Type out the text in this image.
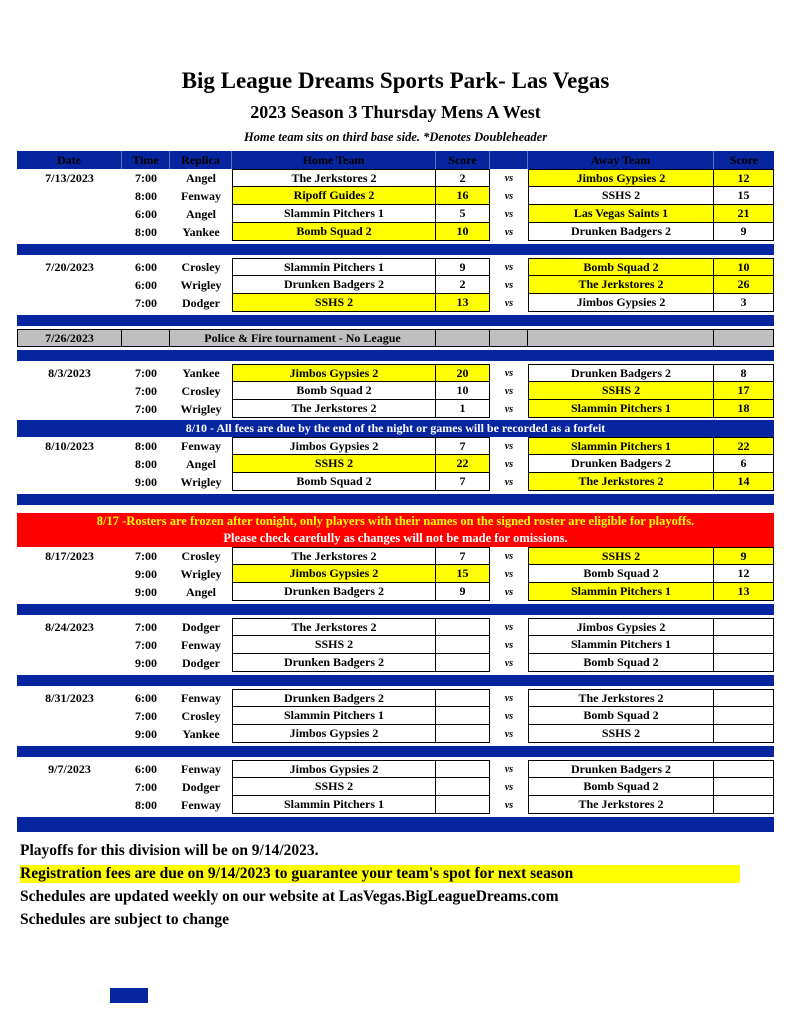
Big League Dreams Sports Park- Las Vegas
2023 Season 3 Thursday Mens A West
Home team sits on third base side. *Denotes Doubleheader
Date	Time	Replica	Home Team	Score	Away Team	Score
7/13/2023	7:00	Angel	The Jerkstores 2	2	vs	Jimbos Gypsies 2	12
8:00	Fenway	Ripoff Guides 2	16	vs	SSHS 2	15
6:00	Angel	Slammin Pitchers 1	5	vs	Las Vegas Saints 1	21
8:00	Yankee	Bomb Squad 2	10	vs	Drunken Badgers 2	9
7/20/2023	6:00	Crosley	Slammin Pitchers 1	9	vs	Bomb Squad 2	10
6:00	Wrigley	Drunken Badgers 2	2	vs	The Jerkstores 2	26
7:00	Dodger	SSHS 2	13	vs	Jimbos Gypsies 2	3
7/26/2023	Police & Fire tournament - No League
8/3/2023	7:00	Yankee	Jimbos Gypsies 2	20	vs	Drunken Badgers 2	8
7:00	Crosley	Bomb Squad 2	10	vs	SSHS 2	17
7:00	Wrigley	The Jerkstores 2	1	vs	Slammin Pitchers 1	18
8/10 - All fees are due by the end of the night or games will be recorded as a forfeit
8/10/2023	8:00	Fenway	Jimbos Gypsies 2	7	vs	Slammin Pitchers 1	22
8:00	Angel	SSHS 2	22	vs	Drunken Badgers 2	6
9:00	Wrigley	Bomb Squad 2	7	vs	The Jerkstores 2	14
8/17 -Rosters are frozen after tonight, only players with their names on the signed roster are eligible for playoffs.
Please check carefully as changes will not be made for omissions.
8/17/2023	7:00	Crosley	The Jerkstores 2	7	vs	SSHS 2	9
9:00	Wrigley	Jimbos Gypsies 2	15	vs	Bomb Squad 2	12
9:00	Angel	Drunken Badgers 2	9	vs	Slammin Pitchers 1	13
8/24/2023	7:00	Dodger	The Jerkstores 2	vs	Jimbos Gypsies 2
7:00	Fenway	SSHS 2	vs	Slammin Pitchers 1
9:00	Dodger	Drunken Badgers 2	vs	Bomb Squad 2
8/31/2023	6:00	Fenway	Drunken Badgers 2	vs	The Jerkstores 2
7:00	Crosley	Slammin Pitchers 1	vs	Bomb Squad 2
9:00	Yankee	Jimbos Gypsies 2	vs	SSHS 2
9/7/2023	6:00	Fenway	Jimbos Gypsies 2	vs	Drunken Badgers 2
7:00	Dodger	SSHS 2	vs	Bomb Squad 2
8:00	Fenway	Slammin Pitchers 1	vs	The Jerkstores 2
Playoffs for this division will be on 9/14/2023.
Registration fees are due on 9/14/2023 to guarantee your team's spot for next season
Schedules are updated weekly on our website at LasVegas.BigLeagueDreams.com
Schedules are subject to change
